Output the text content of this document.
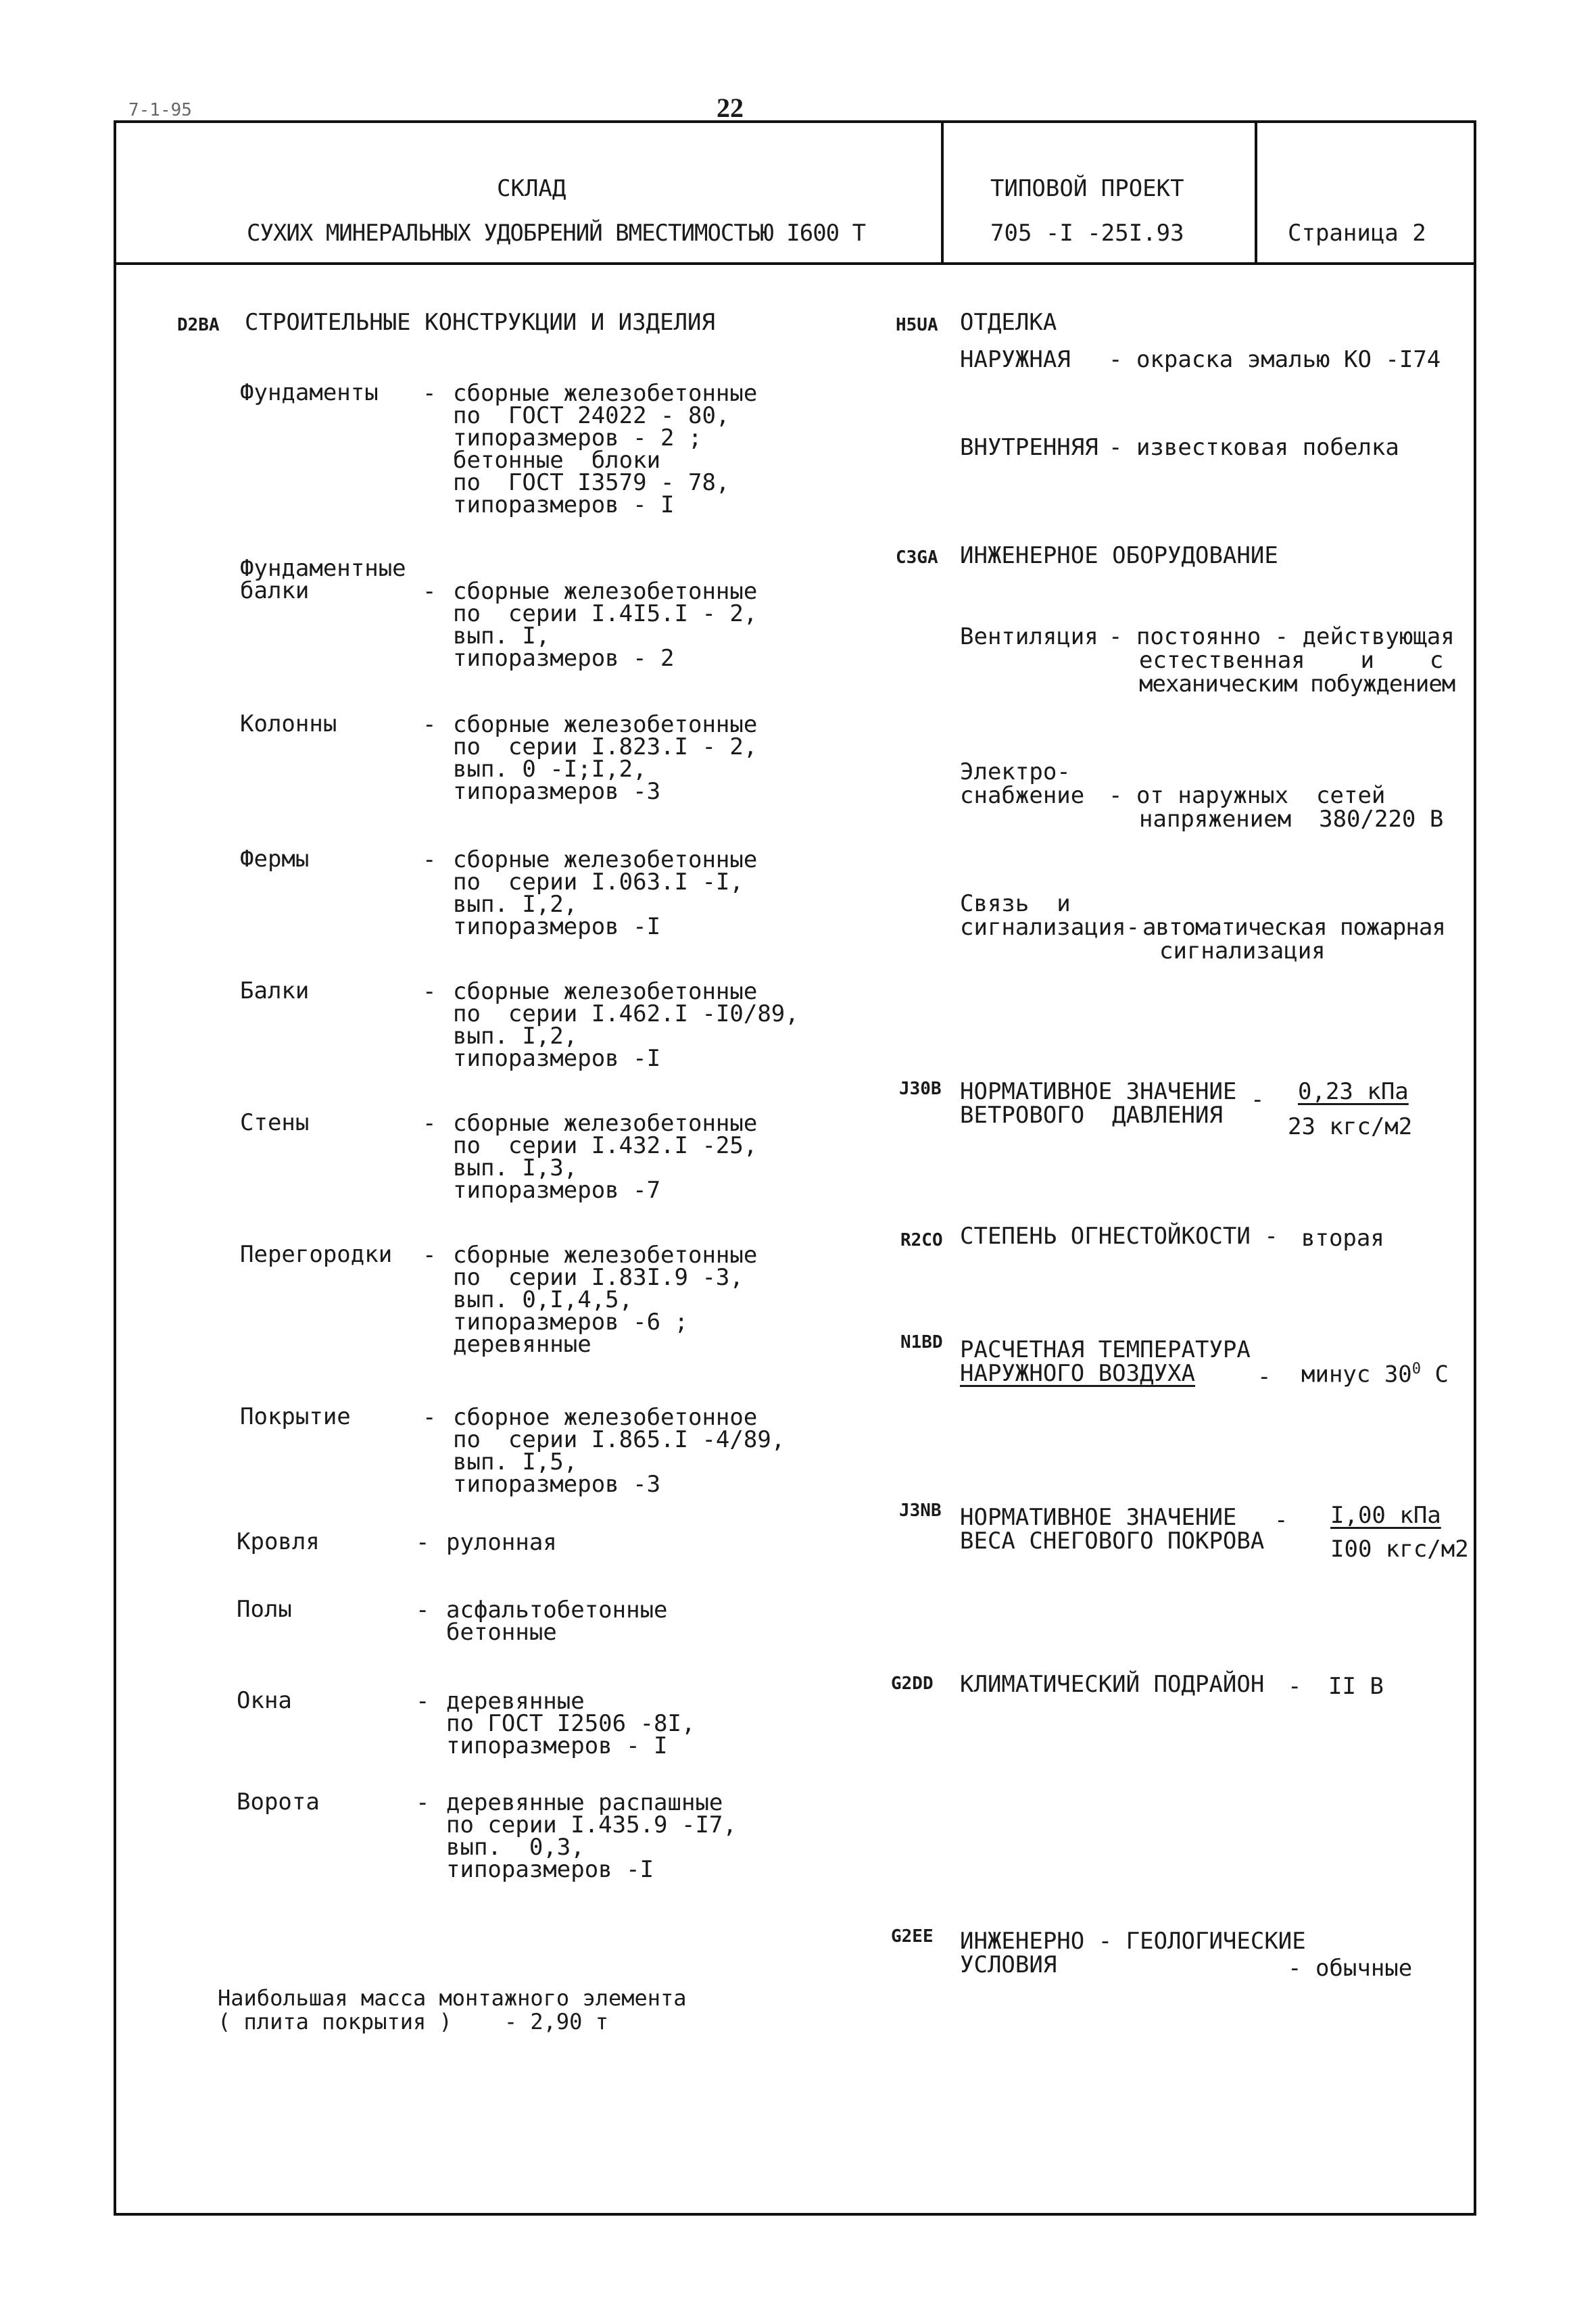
7-1-95	22
СКЛАД
СУХИХ МИНЕРАЛЬНЫХ УДОБРЕНИЙ ВМЕСТИМОСТЬЮ I600 Т
ТИПОВОЙ ПРОЕКТ
705 -I -25I.93	Страница 2
D2BA СТРОИТЕЛЬНЫЕ КОНСТРУКЦИИ И ИЗДЕЛИЯ
Фундаменты - сборные железобетонные
по  ГОСТ 24022 - 80,
типоразмеров - 2 ;
бетонные  блоки
по  ГОСТ I3579 - 78,
типоразмеров - I
Фундаментные
балки	- сборные железобетонные
по  серии I.4I5.I - 2,
вып. I,
типоразмеров - 2
Колонны	- сборные железобетонные
по  серии I.823.I - 2,
вып. 0 -I;I,2,
типоразмеров -3
Фермы	- сборные железобетонные
по  серии I.063.I -I,
вып. I,2,
типоразмеров -I
Балки	- сборные железобетонные
по  серии I.462.I -I0/89,
вып. I,2,
типоразмеров -I
Стены	- сборные железобетонные
по  серии I.432.I -25,
вып. I,3,
типоразмеров -7
Перегородки - сборные железобетонные
по  серии I.83I.9 -3,
вып. 0,I,4,5,
типоразмеров -6 ;
деревянные
Покрытие	- сборное железобетонное
по  серии I.865.I -4/89,
вып. I,5,
типоразмеров -3
Кровля	- рулонная
Полы	- асфальтобетонные
бетонные
Окна	- деревянные
по ГОСТ I2506 -8I,
типоразмеров - I
Ворота	- деревянные распашные
по серии I.435.9 -I7,
вып.  0,3,
типоразмеров -I
Наибольшая масса монтажного элемента
( плита покрытия )    - 2,90 т
H5UA ОТДЕЛКА
НАРУЖНАЯ - окраска эмалью КО -I74
ВНУТРЕННЯЯ - известковая побелка
C3GA ИНЖЕНЕРНОЕ ОБОРУДОВАНИЕ
Вентиляция - постоянно - действующая
естественная    и    с
механическим побуждением
Электро-
снабжение - от наружных  сетей
напряжением  380/220 В
Связь  и
сигнализация- автоматическая пожарная
сигнализация
J30B НОРМАТИВНОЕ ЗНАЧЕНИЕ
ВЕТРОВОГО  ДАВЛЕНИЯ
- 0,23 кПа
23 кгс/м2
R2CO СТЕПЕНЬ ОГНЕСТОЙКОСТИ - вторая
N1BD РАСЧЕТНАЯ ТЕМПЕРАТУРА
НАРУЖНОГО ВОЗДУХА	- минус $30^0$ С
J3NB НОРМАТИВНОЕ ЗНАЧЕНИЕ
ВЕСА СНЕГОВОГО ПОКРОВА
- I,00 кПа
I00 кгс/м2
G2DD КЛИМАТИЧЕСКИЙ ПОДРАЙОН - II В
G2EE ИНЖЕНЕРНО - ГЕОЛОГИЧЕСКИЕ
УСЛОВИЯ	- обычные
